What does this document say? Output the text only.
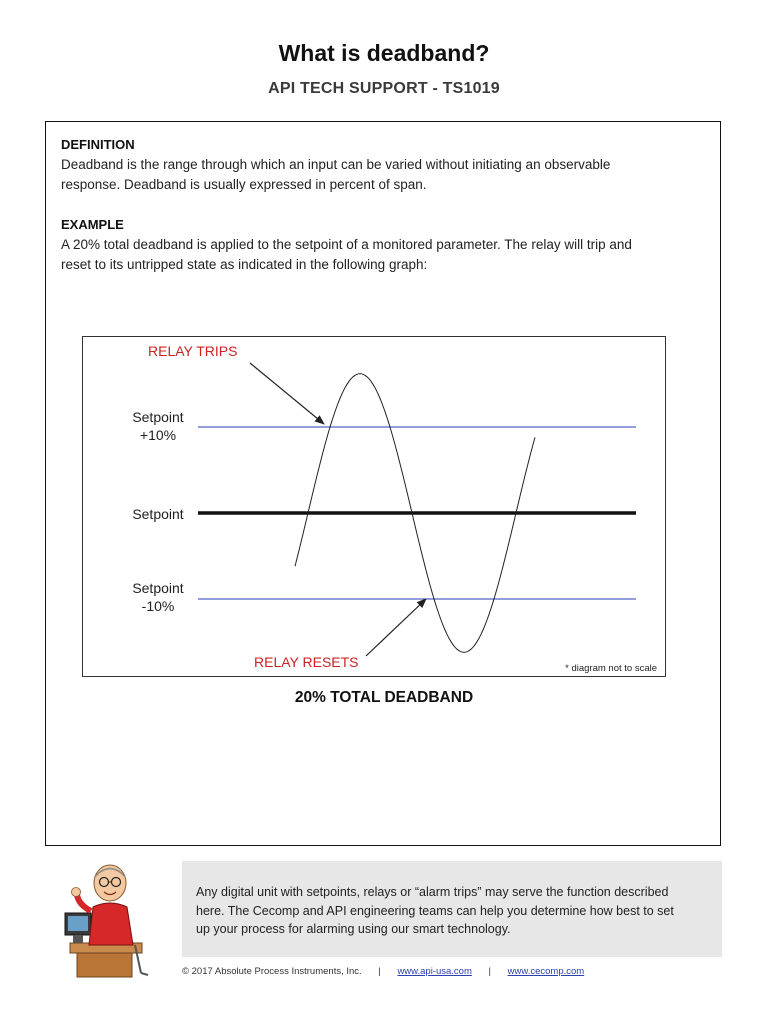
What is deadband?
API TECH SUPPORT - TS1019
DEFINITION
Deadband is the range through which an input can be varied without initiating an observable
response. Deadband is usually expressed in percent of span.
EXAMPLE
A 20% total deadband is applied to the setpoint of a monitored parameter. The relay will trip and
reset to its untripped state as indicated in the following graph:
Setpoint
+10%
Setpoint
Setpoint
-10%
RELAY TRIPS
RELAY RESETS	* diagram not to scale
20% TOTAL DEADBAND
Any digital unit with setpoints, relays or “alarm trips” may serve the function described
here. The Cecomp and API engineering teams can help you determine how best to set
up your process for alarming using our smart technology.
© 2017 Absolute Process Instruments, Inc. | www.api-usa.com | www.cecomp.com
